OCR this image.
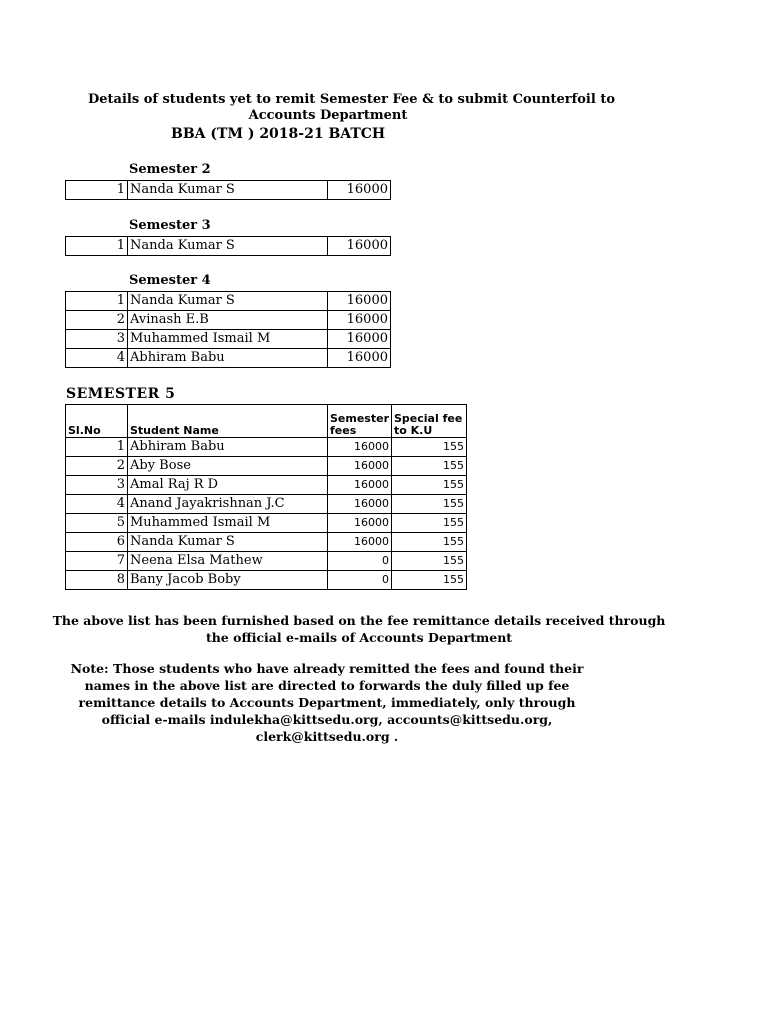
Details of students yet to remit Semester Fee & to submit Counterfoil to
Accounts Department
BBA (TM ) 2018-21 BATCH
Semester 2
1	Nanda Kumar S	16000
Semester 3
1	Nanda Kumar S	16000
Semester 4
1	Nanda Kumar S	16000
2	Avinash E.B	16000
3	Muhammed Ismail M	16000
4	Abhiram Babu	16000
SEMESTER 5
Sl.No	Student Name	Semester fees	Special fee to K.U
1	Abhiram Babu	16000	155
2	Aby Bose	16000	155
3	Amal Raj R D	16000	155
4	Anand Jayakrishnan J.C	16000	155
5	Muhammed Ismail M	16000	155
6	Nanda Kumar S	16000	155
7	Neena Elsa Mathew	0	155
8	Bany Jacob Boby	0	155
The above list has been furnished based on the fee remittance details received through
the official e-mails of Accounts Department
Note: Those students who have already remitted the fees and found their
names in the above list are directed to forwards the duly filled up fee
remittance details to Accounts Department, immediately, only through
official e-mails indulekha@kittsedu.org, accounts@kittsedu.org,
clerk@kittsedu.org .
